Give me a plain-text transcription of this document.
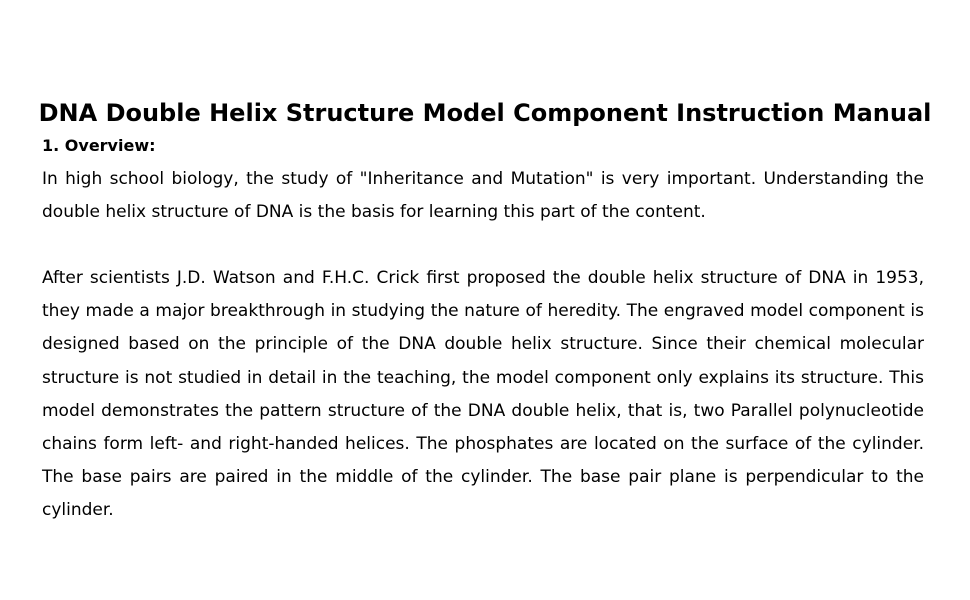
DNA Double Helix Structure Model Component Instruction Manual
1. Overview:

In high school biology, the study of "Inheritance and Mutation" is very important. Understanding the double helix structure of DNA is the basis for learning this part of the content.

After scientists J.D. Watson and F.H.C. Crick first proposed the double helix structure of DNA in 1953, they made a major breakthrough in studying the nature of heredity. The engraved model component is designed based on the principle of the DNA double helix structure. Since their chemical molecular structure is not studied in detail in the teaching, the model component only explains its structure. This model demonstrates the pattern structure of the DNA double helix, that is, two Parallel polynucleotide chains form left- and right-handed helices. The phosphates are located on the surface of the cylinder. The base pairs are paired in the middle of the cylinder. The base pair plane is perpendicular to the cylinder.
